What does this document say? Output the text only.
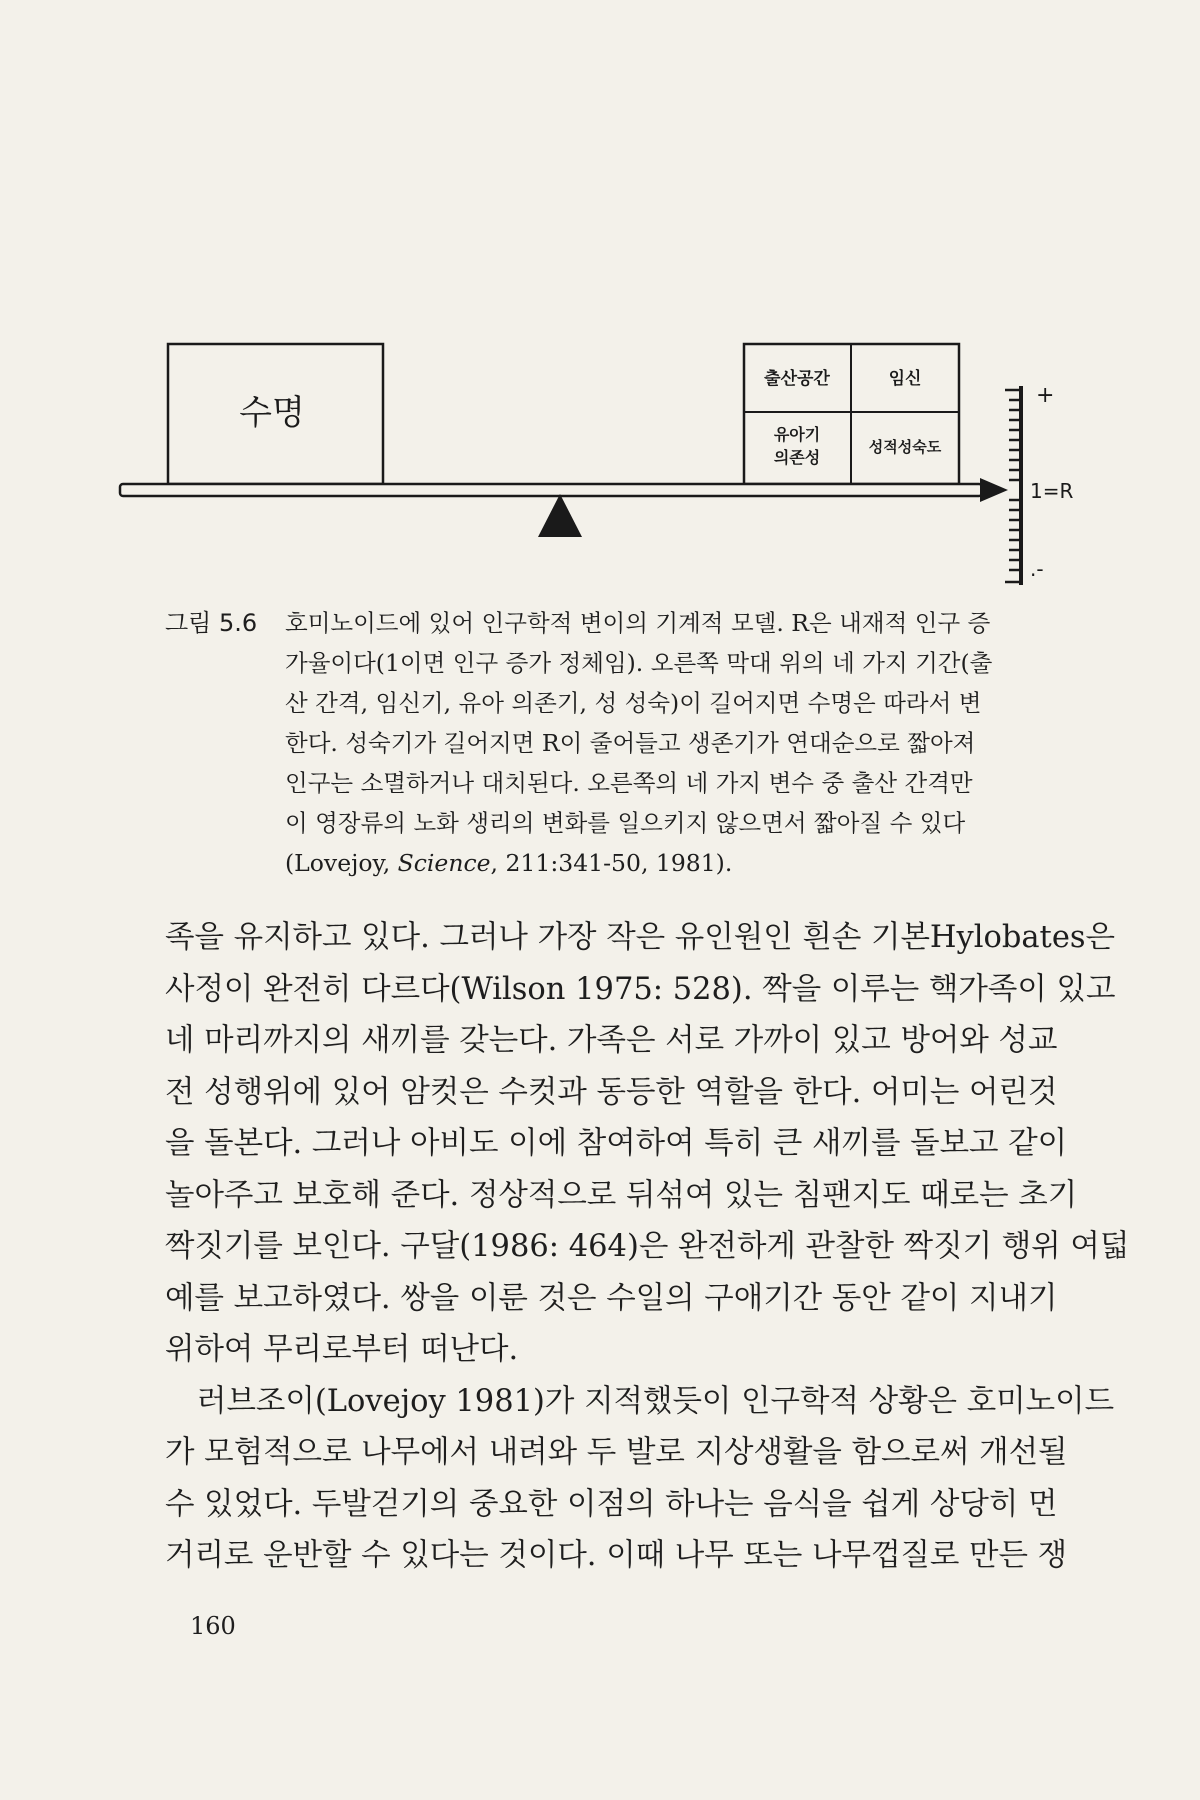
수명
출산공간	임신
유아기
의존성
성적성숙도
+
1=R
.-
그림 5.6	호미노이드에 있어 인구학적 변이의 기계적 모델. R은 내재적 인구 증
가율이다(1이면 인구 증가 정체임). 오른쪽 막대 위의 네 가지 기간(출
산 간격, 임신기, 유아 의존기, 성 성숙)이 길어지면 수명은 따라서 변
한다. 성숙기가 길어지면 R이 줄어들고 생존기가 연대순으로 짧아져
인구는 소멸하거나 대치된다. 오른쪽의 네 가지 변수 중 출산 간격만
이 영장류의 노화 생리의 변화를 일으키지 않으면서 짧아질 수 있다
(Lovejoy, Science, 211:341-50, 1981).
족을 유지하고 있다. 그러나 가장 작은 유인원인 흰손 기본Hylobates은
사정이 완전히 다르다(Wilson 1975: 528). 짝을 이루는 핵가족이 있고
네 마리까지의 새끼를 갖는다. 가족은 서로 가까이 있고 방어와 성교
전 성행위에 있어 암컷은 수컷과 동등한 역할을 한다. 어미는 어린것
을 돌본다. 그러나 아비도 이에 참여하여 특히 큰 새끼를 돌보고 같이
놀아주고 보호해 준다. 정상적으로 뒤섞여 있는 침팬지도 때로는 초기
짝짓기를 보인다. 구달(1986: 464)은 완전하게 관찰한 짝짓기 행위 여덟
예를 보고하였다. 쌍을 이룬 것은 수일의 구애기간 동안 같이 지내기
위하여 무리로부터 떠난다.
러브조이(Lovejoy 1981)가 지적했듯이 인구학적 상황은 호미노이드
가 모험적으로 나무에서 내려와 두 발로 지상생활을 함으로써 개선될
수 있었다. 두발걷기의 중요한 이점의 하나는 음식을 쉽게 상당히 먼
거리로 운반할 수 있다는 것이다. 이때 나무 또는 나무껍질로 만든 쟁
160
